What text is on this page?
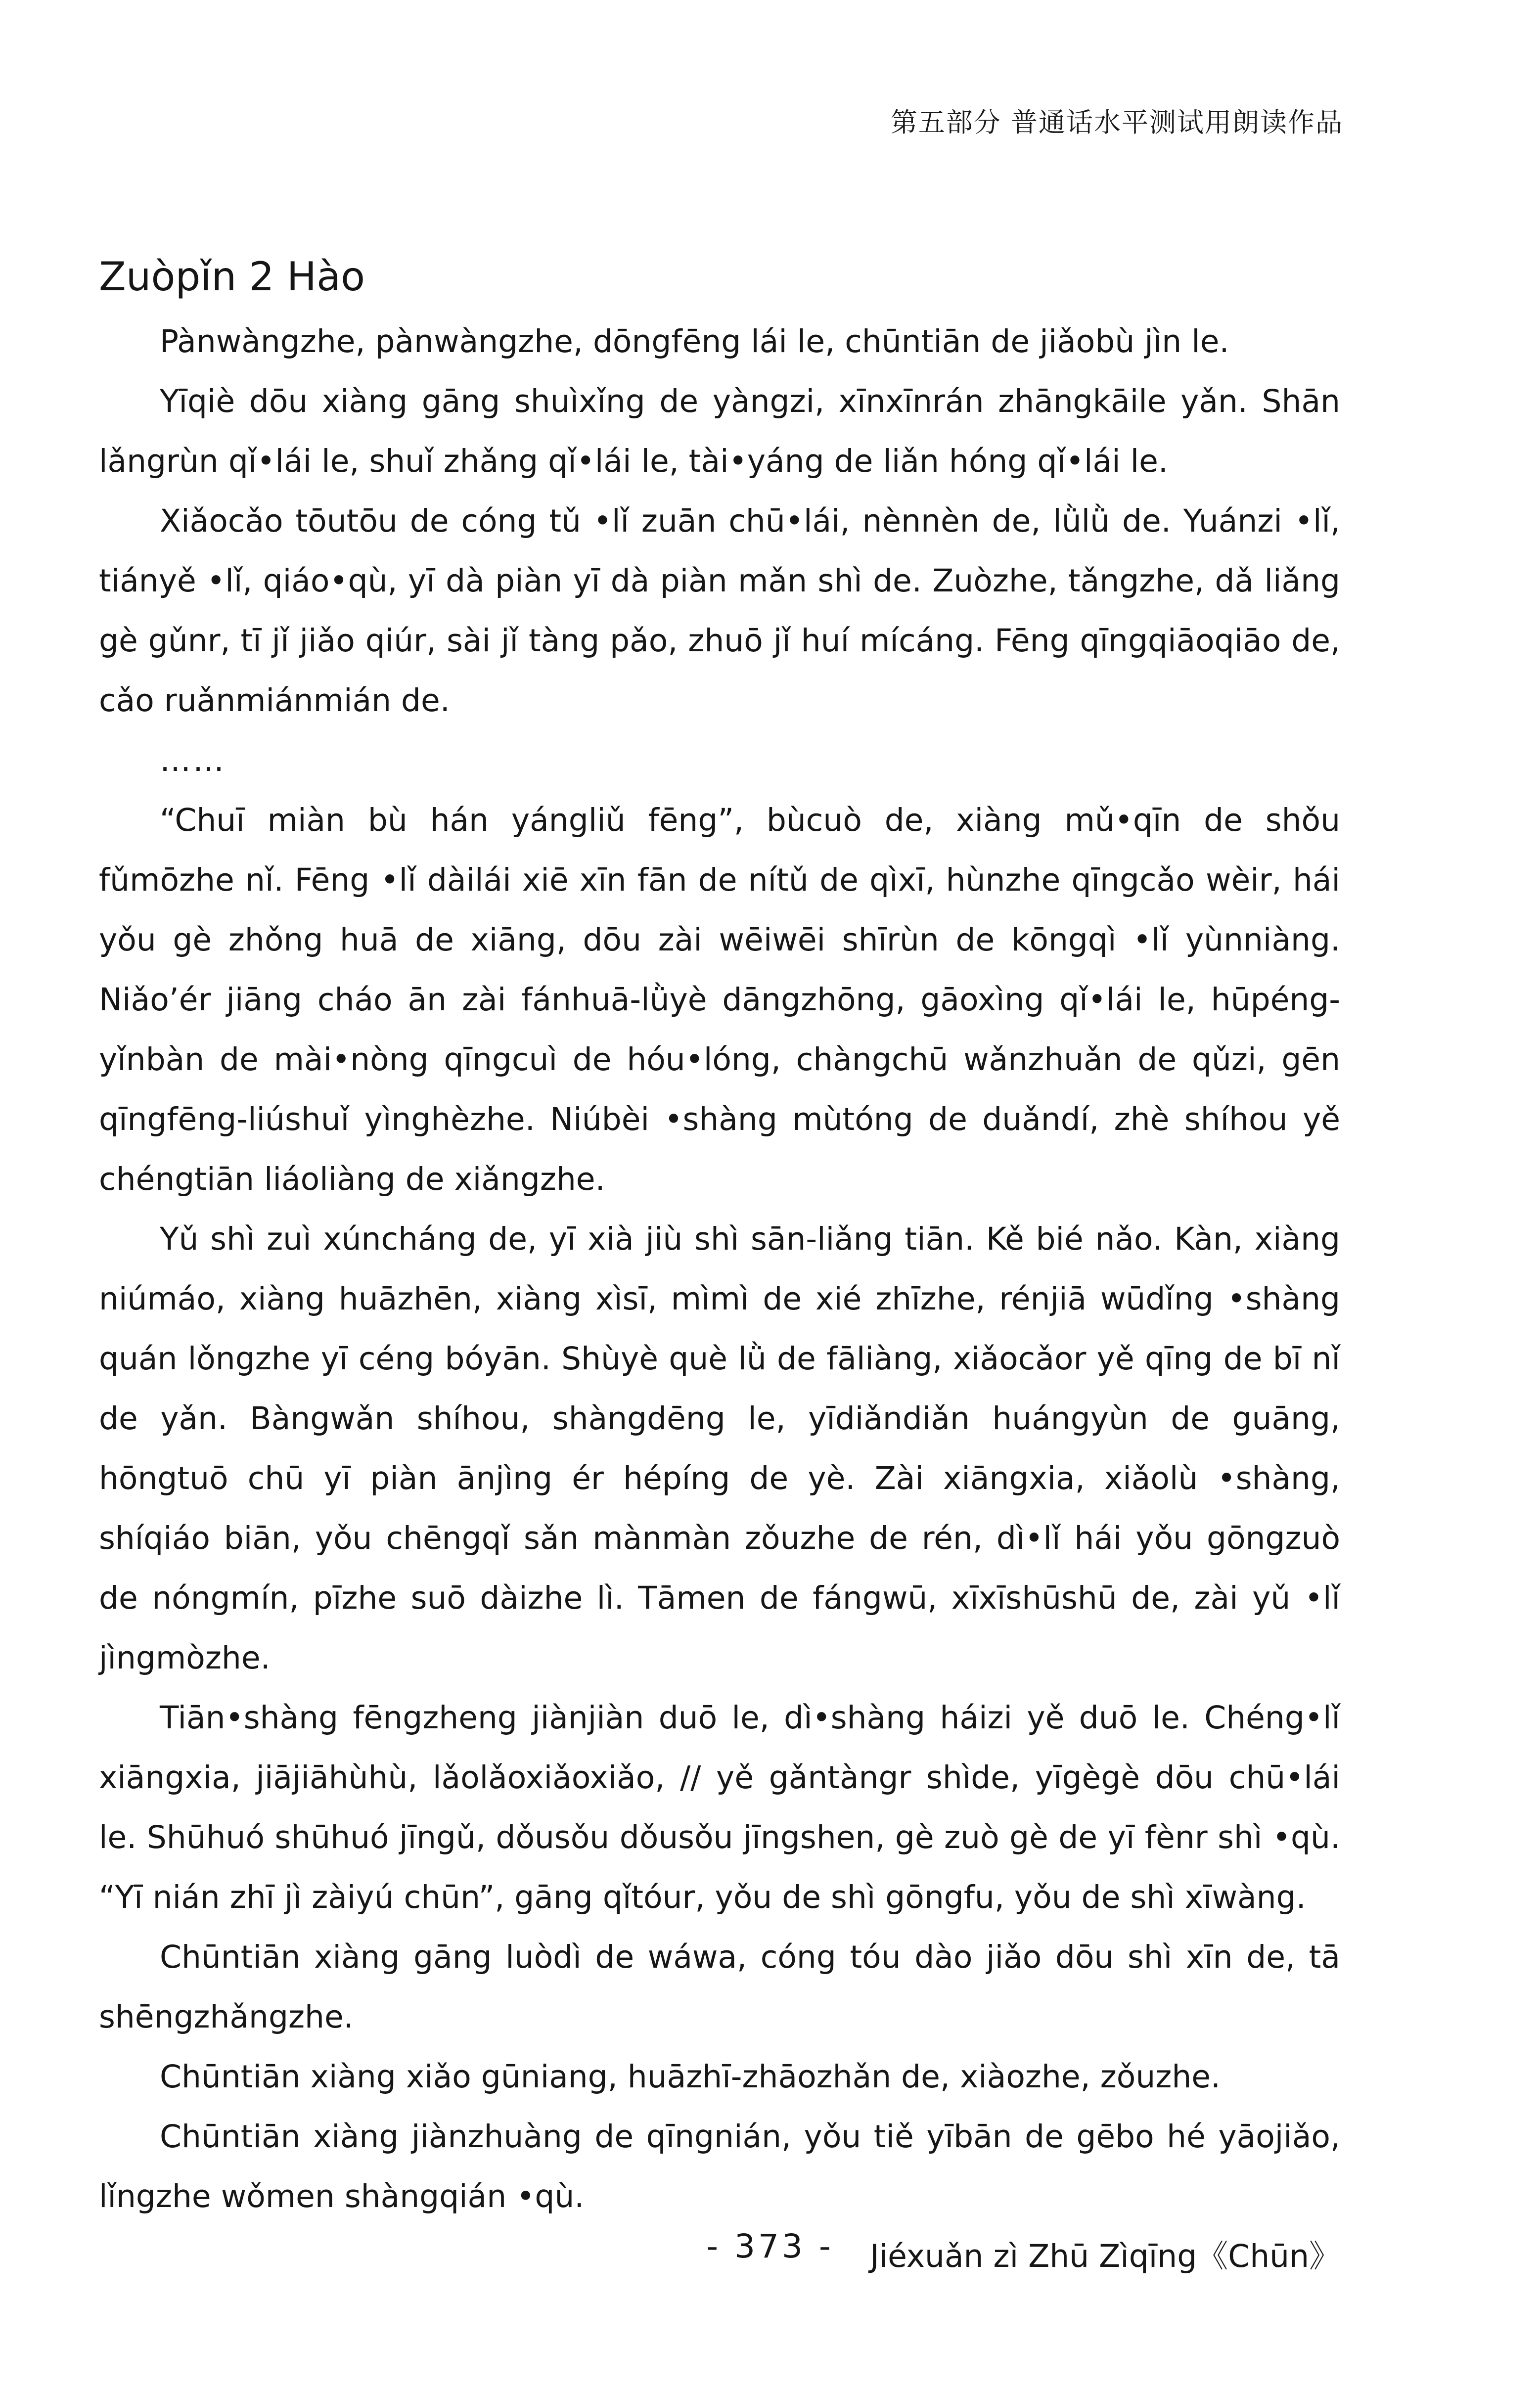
第五部分 普通话水平测试用朗读作品
Zuòpǐn 2 Hào

Pànwàngzhe, pànwàngzhe, dōngfēng lái le, chūntiān de jiǎobù jìn le.

Yīqiè dōu xiàng gāng shuìxǐng de yàngzi, xīnxīnrán zhāngkāile yǎn. Shān lǎngrùn qǐ•lái le, shuǐ zhǎng qǐ•lái le, tài•yáng de liǎn hóng qǐ•lái le.

Xiǎocǎo tōutōu de cóng tǔ •lǐ zuān chū•lái, nènnèn de, lǜlǜ de. Yuánzi •lǐ, tiányě •lǐ, qiáo•qù, yī dà piàn yī dà piàn mǎn shì de. Zuòzhe, tǎngzhe, dǎ liǎng gè gǔnr, tī jǐ jiǎo qiúr, sài jǐ tàng pǎo, zhuō jǐ huí mícáng. Fēng qīngqiāoqiāo de, cǎo ruǎnmiánmián de.

……

“Chuī miàn bù hán yángliǔ fēng”, bùcuò de, xiàng mǔ•qīn de shǒu fǔmōzhe nǐ. Fēng •lǐ dàilái xiē xīn fān de nítǔ de qìxī, hùnzhe qīngcǎo wèir, hái yǒu gè zhǒng huā de xiāng, dōu zài wēiwēi shīrùn de kōngqì •lǐ yùnniàng. Niǎo’ér jiāng cháo ān zài fánhuā-lǜyè dāngzhōng, gāoxìng qǐ•lái le, hūpéng-yǐnbàn de mài•nòng qīngcuì de hóu•lóng, chàngchū wǎnzhuǎn de qǔzi, gēn qīngfēng-liúshuǐ yìnghèzhe. Niúbèi •shàng mùtóng de duǎndí, zhè shíhou yě chéngtiān liáoliàng de xiǎngzhe.

Yǔ shì zuì xúncháng de, yī xià jiù shì sān-liǎng tiān. Kě bié nǎo. Kàn, xiàng niúmáo, xiàng huāzhēn, xiàng xìsī, mìmì de xié zhīzhe, rénjiā wūdǐng •shàng quán lǒngzhe yī céng bóyān. Shùyè què lǜ de fāliàng, xiǎocǎor yě qīng de bī nǐ de yǎn. Bàngwǎn shíhou, shàngdēng le, yīdiǎndiǎn huángyùn de guāng, hōngtuō chū yī piàn ānjìng ér hépíng de yè. Zài xiāngxia, xiǎolù •shàng, shíqiáo biān, yǒu chēngqǐ sǎn mànmàn zǒuzhe de rén, dì•lǐ hái yǒu gōngzuò de nóngmín, pīzhe suō dàizhe lì. Tāmen de fángwū, xīxīshūshū de, zài yǔ •lǐ jìngmòzhe.

Tiān•shàng fēngzheng jiànjiàn duō le, dì•shàng háizi yě duō le. Chéng•lǐ xiāngxia, jiājiāhùhù, lǎolǎoxiǎoxiǎo, // yě gǎntàngr shìde, yīgègè dōu chū•lái le. Shūhuó shūhuó jīngǔ, dǒusǒu dǒusǒu jīngshen, gè zuò gè de yī fènr shì •qù. “Yī nián zhī jì zàiyú chūn”, gāng qǐtóur, yǒu de shì gōngfu, yǒu de shì xīwàng.

Chūntiān xiàng gāng luòdì de wáwa, cóng tóu dào jiǎo dōu shì xīn de, tā shēngzhǎngzhe.

Chūntiān xiàng xiǎo gūniang, huāzhī-zhāozhǎn de, xiàozhe, zǒuzhe.

Chūntiān xiàng jiànzhuàng de qīngnián, yǒu tiě yībān de gēbo hé yāojiǎo, lǐngzhe wǒmen shàngqián •qù.

Jiéxuǎn zì Zhū Zìqīng《Chūn》

- 373 -
